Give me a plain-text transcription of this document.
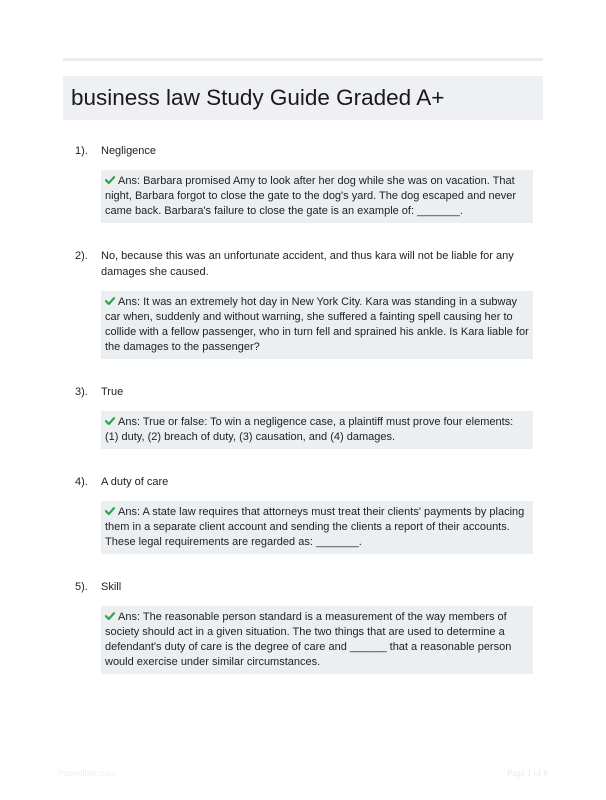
business law Study Guide Graded A+
1). Negligence
Ans: Barbara promised Amy to look after her dog while she was on vacation. That night, Barbara forgot to close the gate to the dog's yard. The dog escaped and never came back. Barbara's failure to close the gate is an example of: _______.
2). No, because this was an unfortunate accident, and thus kara will not be liable for any damages she caused.
Ans: It was an extremely hot day in New York City. Kara was standing in a subway car when, suddenly and without warning, she suffered a fainting spell causing her to collide with a fellow passenger, who in turn fell and sprained his ankle. Is Kara liable for the damages to the passenger?
3). True
Ans: True or false: To win a negligence case, a plaintiff must prove four elements: (1) duty, (2) breach of duty, (3) causation, and (4) damages.
4). A duty of care
Ans: A state law requires that attorneys must treat their clients' payments by placing them in a separate client account and sending the clients a report of their accounts. These legal requirements are regarded as: _______.
5). Skill
Ans: The reasonable person standard is a measurement of the way members of society should act in a given situation. The two things that are used to determine a defendant's duty of care is the degree of care and ______ that a reasonable person would exercise under similar circumstances.
Paperlibtic.com	Page 1 of 8
